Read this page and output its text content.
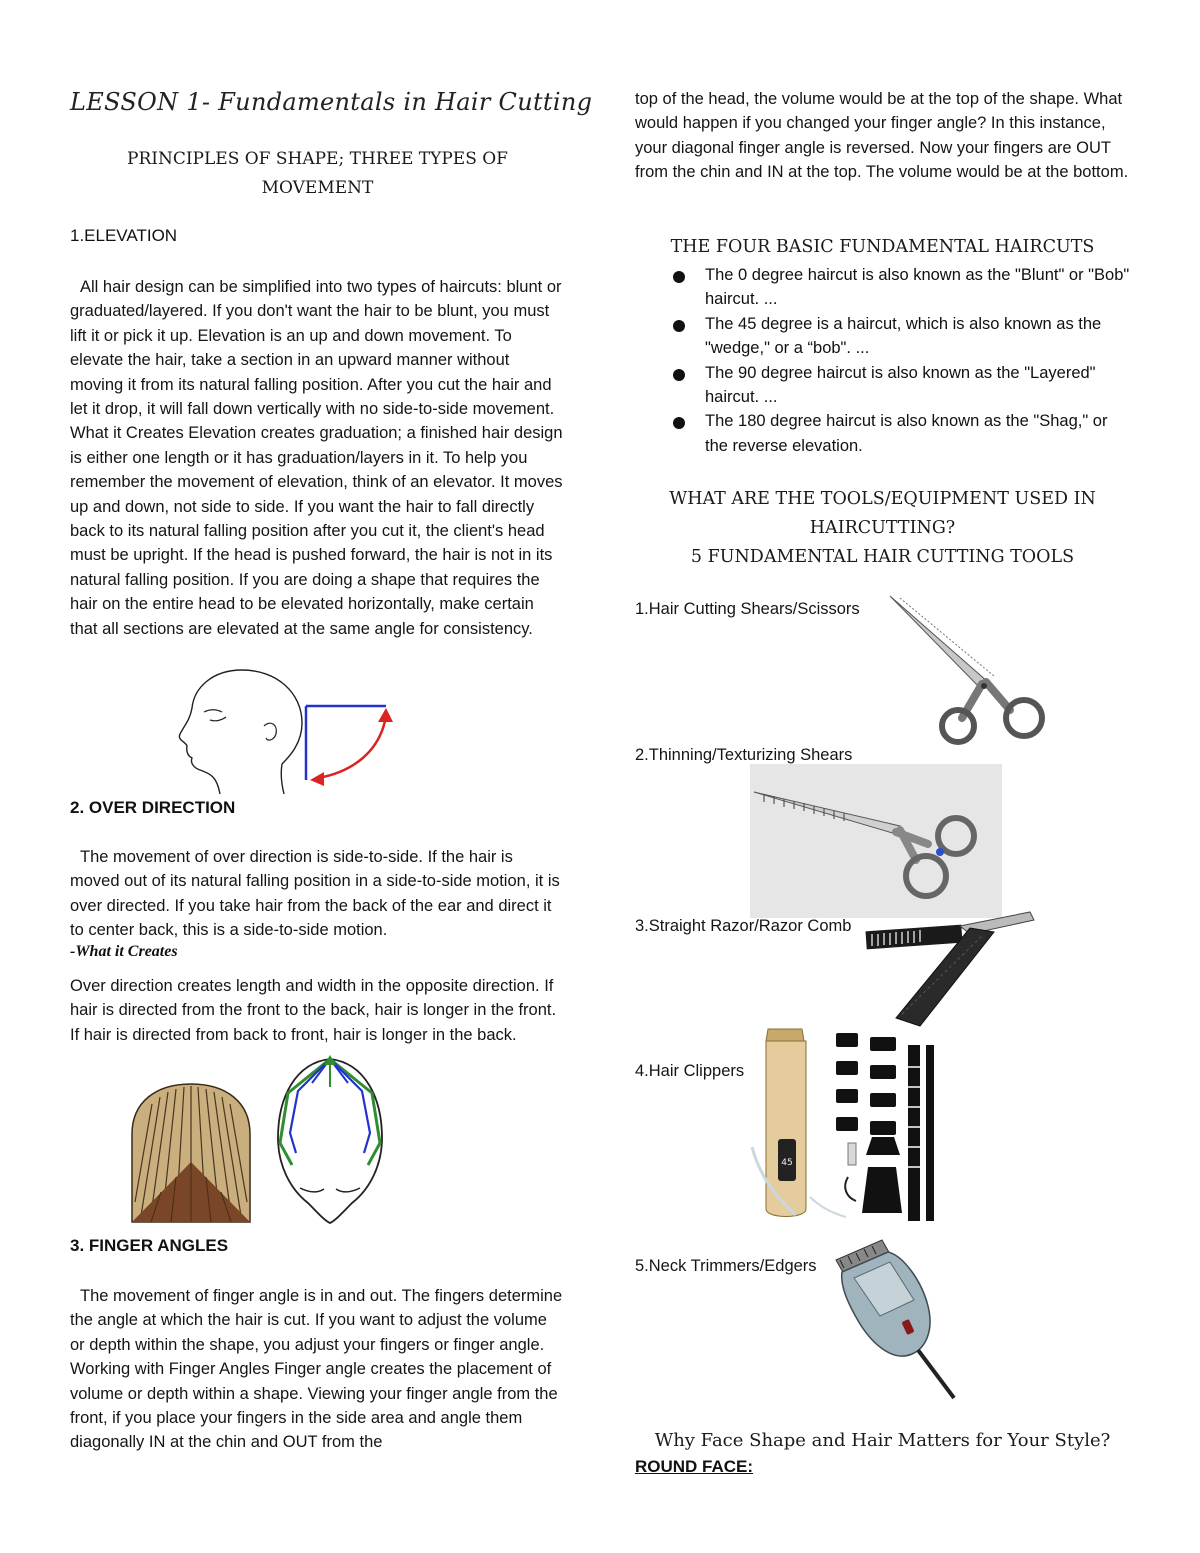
LESSON 1- Fundamentals in Hair Cutting
PRINCIPLES OF SHAPE; THREE TYPES OF
MOVEMENT
1.ELEVATION
All hair design can be simplified into two types of haircuts: blunt or graduated/layered. If you don't want the hair to be blunt, you must lift it or pick it up. Elevation is an up and down movement. To elevate the hair, take a section in an upward manner without moving it from its natural falling position. After you cut the hair and let it drop, it will fall down vertically with no side-to-side movement. What it Creates Elevation creates graduation; a finished hair design is either one length or it has graduation/layers in it. To help you remember the movement of elevation, think of an elevator. It moves up and down, not side to side. If you want the hair to fall directly back to its natural falling position after you cut it, the client's head must be upright. If the head is pushed forward, the hair is not in its natural falling position. If you are doing a shape that requires the hair on the entire head to be elevated horizontally, make certain that all sections are elevated at the same angle for consistency.
2. OVER DIRECTION
The movement of over direction is side-to-side. If the hair is moved out of its natural falling position in a side-to-side motion, it is over directed. If you take hair from the back of the ear and direct it to center back, this is a side-to-side motion.
-What it Creates
Over direction creates length and width in the opposite direction. If hair is directed from the front to the back, hair is longer in the front. If hair is directed from back to front, hair is longer in the back.
3. FINGER ANGLES
The movement of finger angle is in and out. The fingers determine the angle at which the hair is cut. If you want to adjust the volume or depth within the shape, you adjust your fingers or finger angle. Working with Finger Angles Finger angle creates the placement of volume or depth within a shape. Viewing your finger angle from the front, if you place your fingers in the side area and angle them diagonally IN at the chin and OUT from the
top of the head, the volume would be at the top of the shape. What would happen if you changed your finger angle? In this instance, your diagonal finger angle is reversed. Now your fingers are OUT from the chin and IN at the top. The volume would be at the bottom.
THE FOUR BASIC FUNDAMENTAL HAIRCUTS
The 0 degree haircut is also known as the "Blunt" or "Bob" haircut. ...
The 45 degree is a haircut, which is also known as the "wedge," or a “bob". ...
The 90 degree haircut is also known as the "Layered" haircut. ...
The 180 degree haircut is also known as the "Shag," or the reverse elevation.
WHAT ARE THE TOOLS/EQUIPMENT USED IN
HAIRCUTTING?
5 FUNDAMENTAL HAIR CUTTING TOOLS
1.Hair Cutting Shears/Scissors
2.Thinning/Texturizing Shears
3.Straight Razor/Razor Comb
4.Hair Clippers
45
5.Neck Trimmers/Edgers
Why Face Shape and Hair Matters for Your Style?
ROUND FACE:
